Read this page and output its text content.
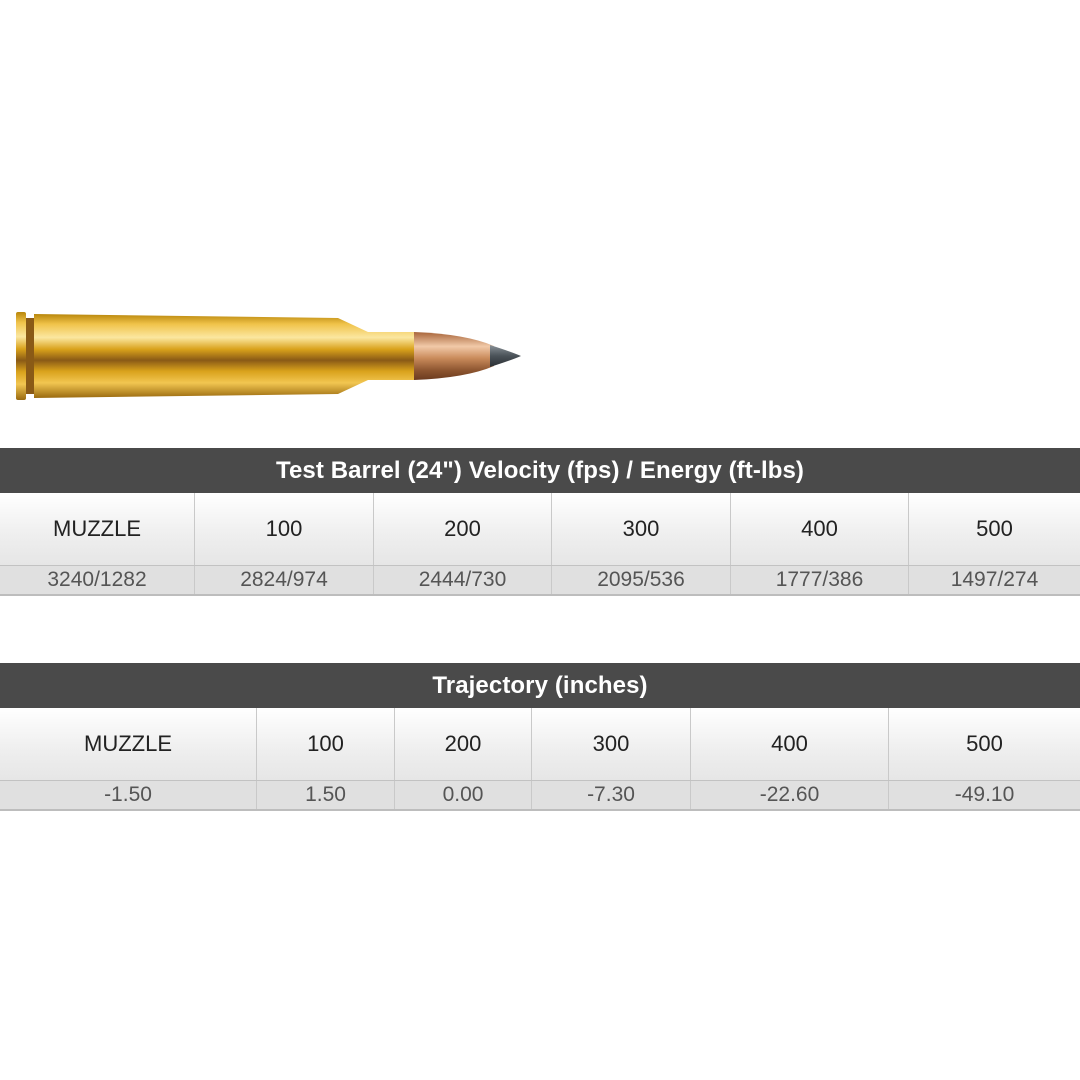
Test Barrel (24") Velocity (fps) / Energy (ft-lbs)
MUZZLE	100	200	300	400	500
3240/1282	2824/974	2444/730	2095/536	1777/386	1497/274
Trajectory (inches)
MUZZLE	100	200	300	400	500
-1.50	1.50	0.00	-7.30	-22.60	-49.10
